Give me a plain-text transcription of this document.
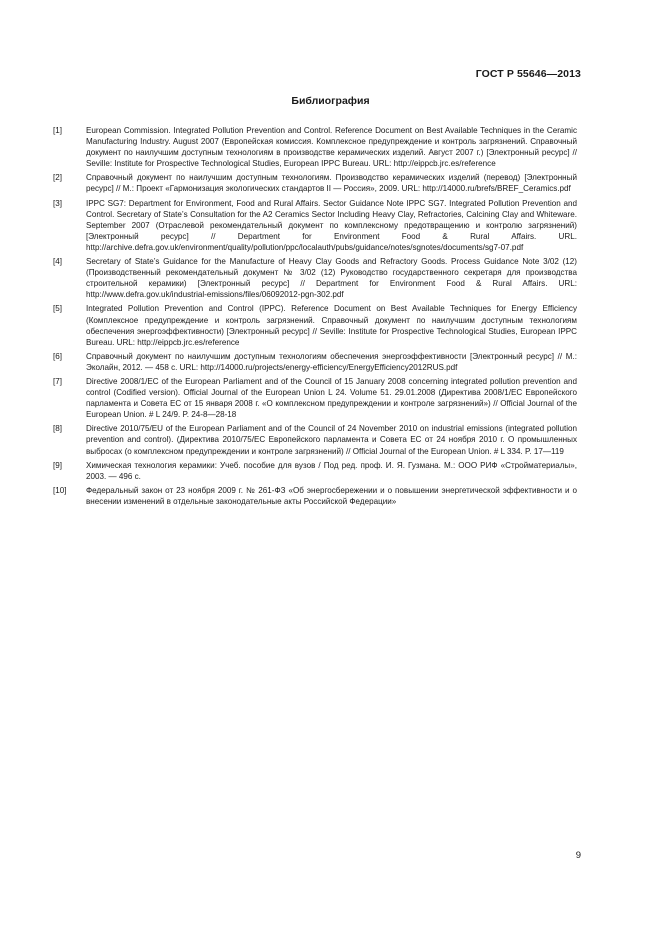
ГОСТ Р 55646—2013
Библиография
[1]	European Commission. Integrated Pollution Prevention and Control. Reference Document on Best Available Techniques in the Ceramic Manufacturing Industry. August 2007 (Европейская комиссия. Комплексное предупреждение и контроль загрязнений. Справочный документ по наилучшим доступным технологиям в производстве керамических изделий. Август 2007 г.) [Электронный ресурс] // Seville: Institute for Prospective Technological Studies, European IPPC Bureau. URL: http://eippcb.jrc.es/reference
[2]	Справочный документ по наилучшим доступным технологиям. Производство керамических изделий (перевод) [Электронный ресурс] // М.: Проект «Гармонизация экологических стандартов II — Россия», 2009. URL: http://14000.ru/brefs/BREF_Ceramics.pdf
[3]	IPPC SG7: Department for Environment, Food and Rural Affairs. Sector Guidance Note IPPC SG7. Integrated Pollution Prevention and Control. Secretary of State’s Consultation for the A2 Ceramics Sector Including Heavy Clay, Refractories, Calcining Clay and Whiteware. September 2007 (Отраслевой рекомендательный документ по комплексному предотвращению и контролю загрязнений) [Электронный ресурс] // Department for Environment Food & Rural Affairs. URL. http://archive.defra.gov.uk/environment/quality/pollution/ppc/localauth/pubs/guidance/notes/sgnotes/documents/sg7-07.pdf
[4]	Secretary of State’s Guidance for the Manufacture of Heavy Clay Goods and Refractory Goods. Process Guidance Note 3/02 (12) (Производственный рекомендательный документ № 3/02 (12) Руководство государственного секретаря для производства строительной керамики) [Электронный ресурс] // Department for Environment Food & Rural Affairs. URL: http://www.defra.gov.uk/industrial-emissions/files/06092012-pgn-302.pdf
[5]	Integrated Pollution Prevention and Control (IPPC). Reference Document on Best Available Techniques for Energy Efficiency (Комплексное предупреждение и контроль загрязнений. Справочный документ по наилучшим доступным технологиям обеспечения энергоэффективности) [Электронный ресурс] // Seville: Institute for Prospective Technological Studies, European IPPC Bureau. URL: http://eippcb.jrc.es/reference
[6]	Справочный документ по наилучшим доступным технологиям обеспечения энергоэффективности [Электронный ресурс] // М.: Эколайн, 2012. — 458 с. URL: http://14000.ru/projects/energy-efficiency/EnergyEfficiency2012RUS.pdf
[7]	Directive 2008/1/EC of the European Parliament and of the Council of 15 January 2008 concerning integrated pollution prevention and control (Codified version). Official Journal of the European Union L 24. Volume 51. 29.01.2008 (Директива 2008/1/ЕС Европейского парламента и Совета ЕС от 15 января 2008 г. «О комплексном предупреждении и контроле загрязнений») // Official Journal of the European Union. # L 24/9. P. 24-8—28-18
[8]	Directive 2010/75/EU of the European Parliament and of the Council of 24 November 2010 on industrial emissions (integrated pollution prevention and control). (Директива 2010/75/ЕС Европейского парламента и Совета ЕС от 24 ноября 2010 г. О промышленных выбросах (о комплексном предупреждении и контроле загрязнений) // Official Journal of the European Union. # L 334. P. 17—119
[9]	Химическая технология керамики: Учеб. пособие для вузов / Под ред. проф. И. Я. Гузмана. М.: ООО РИФ «Стройматериалы», 2003. — 496 с.
[10]	Федеральный закон от 23 ноября 2009 г. № 261-ФЗ «Об энергосбережении и о повышении энергетической эффективности и о внесении изменений в отдельные законодательные акты Российской Федерации»
9
